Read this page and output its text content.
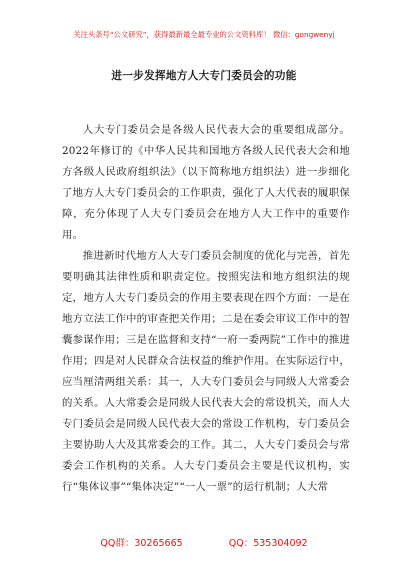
关注头条号“公文研究”，获得最新最全最专业的公文资料库！ 微信：gongwenyj
进一步发挥地方人大专门委员会的功能

人大专门委员会是各级人民代表大会的重要组成部分。2022年修订的《中华人民共和国地方各级人民代表大会和地方各级人民政府组织法》（以下简称地方组织法）进一步细化了地方人大专门委员会的工作职责，强化了人大代表的履职保障，充分体现了人大专门委员会在地方人大工作中的重要作用。

推进新时代地方人大专门委员会制度的优化与完善，首先要明确其法律性质和职责定位。按照宪法和地方组织法的规定，地方人大专门委员会的作用主要表现在四个方面：一是在地方立法工作中的审查把关作用；二是在委会审议工作中的智囊参谋作用；三是在监督和支持“一府一委两院”工作中的推进作用；四是对人民群众合法权益的维护作用。在实际运行中，应当厘清两组关系：其一，人大专门委员会与同级人大常委会的关系。人大常委会是同级人民代表大会的常设机关，而人大专门委员会是同级人民代表大会的常设工作机构，专门委员会主要协助人大及其常委会的工作。其二，人大专门委员会与常委会工作机构的关系。人大专门委员会主要是代议机构，实行“集体议事”“集体决定”“一人一票”的运行机制；人大常

QQ群：30265665	QQ：535304092
